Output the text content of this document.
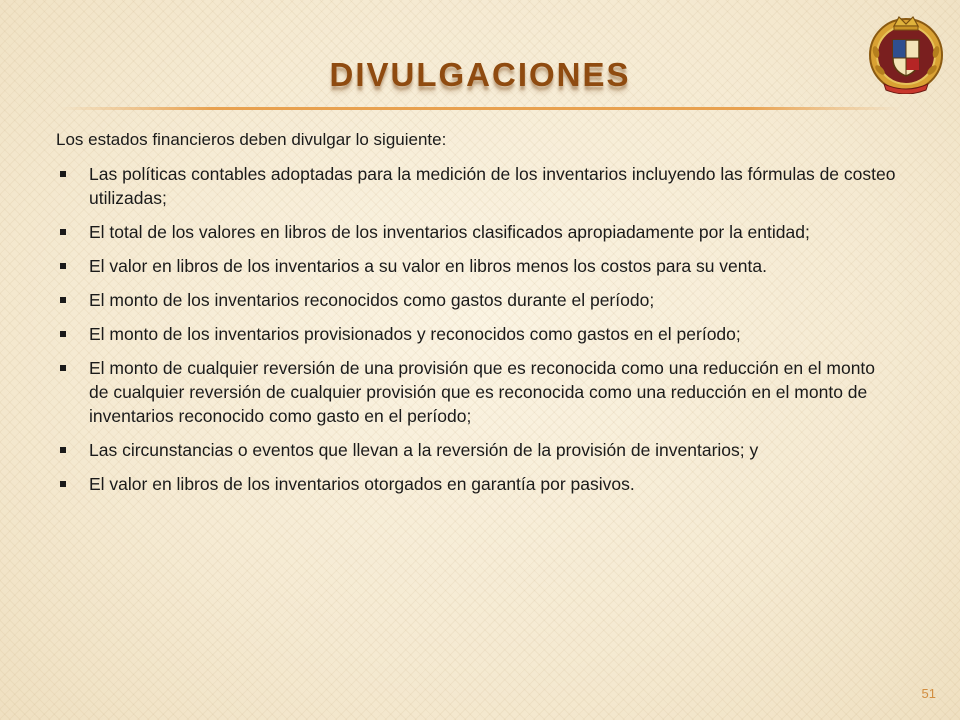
DIVULGACIONES

Los estados financieros deben divulgar lo siguiente:

Las políticas contables adoptadas para la medición de los inventarios incluyendo las fórmulas de costeo utilizadas;
El total de los valores en libros de los inventarios clasificados apropiadamente por la entidad;
El valor en libros de los inventarios a su valor en libros menos los costos para su venta.
El monto de los inventarios reconocidos como gastos durante el período;
El monto de los inventarios provisionados y reconocidos como gastos en el período;
El monto de cualquier reversión de una provisión que es reconocida como una reducción en el monto de cualquier reversión de cualquier provisión que es reconocida como una reducción en el monto de inventarios reconocido como gasto en el período;
Las circunstancias o eventos que llevan a la reversión de la provisión de inventarios; y
El valor en libros de los inventarios otorgados en garantía por pasivos.
51
